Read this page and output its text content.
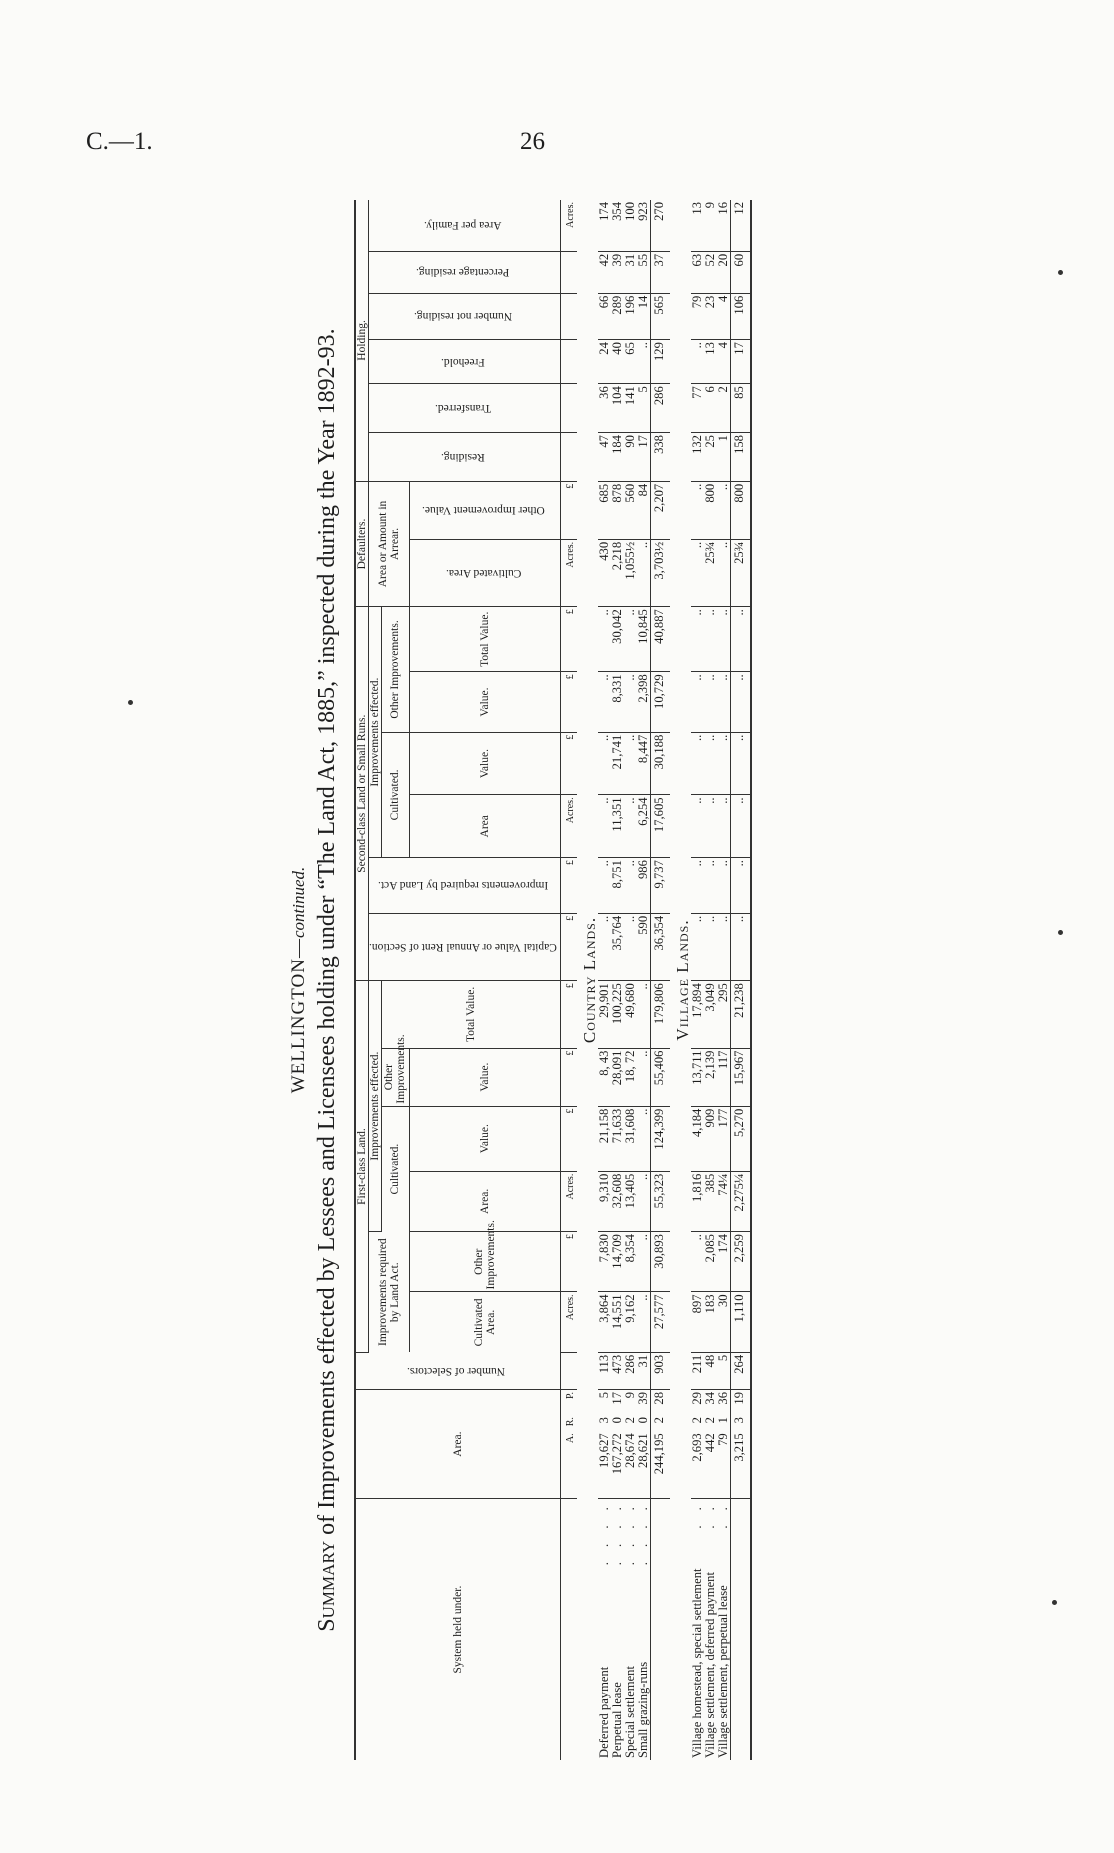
C.—1.	26
WELLINGTON—continued.
Summary of Improvements effected by Lessees and Licensees holding under “The Land Act, 1885,” inspected during the Year 1892-93.
System held under.	Area.			Number of Selectors.	First-class Land.						Second-class Land or Small Runs.						Defaulters.		Holding.					
					Improvements required by Land Act.		Improvements effected.				Capital Value or Annual Rent of Section.	Improvements required by Land Act.	Improvements effected.				Area or Amount in Arrear.		Residing.	Transferred.	Freehold.	Number not residing.	Percentage residing.	Area per Family.
							Cultivated.		Other Improvements.	Total Value.			Cultivated.		Other Improvements.									
					Cultivated Area.	Other Improvements.	Area.	Value.	Value.				Area	Value.	Value.	Total Value.	Cultivated Area.	Other Improvement Value.						
	A.	R.	P.		Acres.	£	Acres.	£	£	£	£	£	Acres.	£	£	£	Acres.	£						Acres.
Country Lands.																								
Deferred payment
. . . .	19,627	3	5	113	3,864	7,830	9,310	21,158	8, 43	29,901	..	..	..	..	..	..	430	685	47	36	24	66	42	174
Perpetual lease
. . . .	167,272	0	17	473	14,551	14,709	32,608	71,633	28,091	100,225	35,764	8,751	11,351	21,741	8,331	30,042	2,218	878	184	104	40	289	39	354
Special settlement
. . . .	28,674	2	9	286	9,162	8,354	13,405	31,608	18, 72	49,680	..	..	..	..	..	..	1,055½	560	90	141	65	196	31	100
Small grazing-runs
. . . .	28,621	0	39	31	..	..	..	..	..	..	590	986	6,254	8,447	2,398	10,845	..	84	17	5	..	14	55	923
	244,195	2	28	903	27,577	30,893	55,323	124,399	55,406	179,806	36,354	9,737	17,605	30,188	10,729	40,887	3,703½	2,207	338	286	129	565	37	270
Village Lands.																								
Village homestead, special settlement
. .	2,693	2	29	211	897	..	1,816	4,184	13,711	17,894	..	..	..	..	..	..	..	..	132	77	..	79	63	13
Village settlement, deferred payment
. .	442	2	34	48	183	2,085	385	909	2,139	3,049	..	..	..	..	..	..	25¾	800	25	6	13	23	52	9
Village settlement, perpetual lease
. .	79	1	36	5	30	174	74¼	177	117	295	..	..	..	..	..	..	..	..	1	2	4	4	20	16
	3,215	3	19	264	1,110	2,259	2,275¼	5,270	15,967	21,238	..	..	..	..	..	..	25¾	800	158	85	17	106	60	12
